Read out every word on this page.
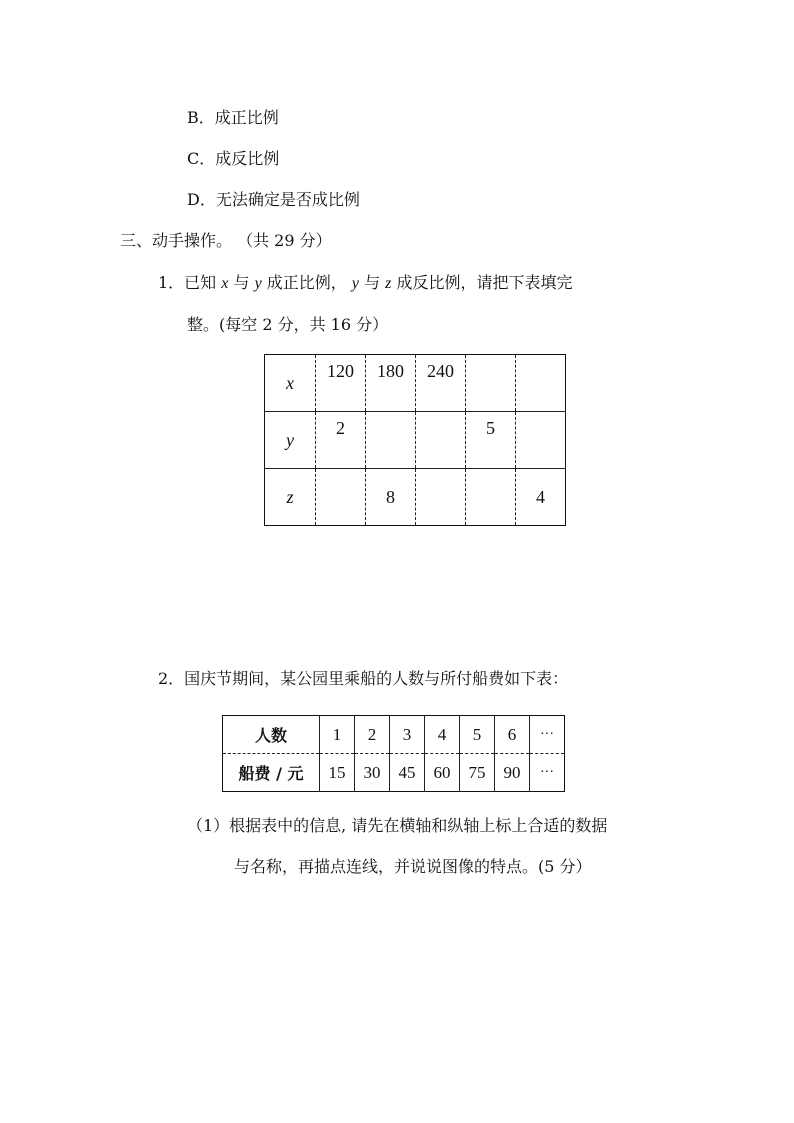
B．成正比例
C．成反比例
D．无法确定是否成比例
三、动手操作。 （共 29 分）
1．已知 x 与 y 成正比例， y 与 z 成反比例，请把下表填完
整。(每空 2 分，共 16 分）
x	120	180	240		
y	2			5	
z		8			4
2．国庆节期间，某公园里乘船的人数与所付船费如下表：
人数	1	2	3	4	5	6	···
船费 / 元	15	30	45	60	75	90	···
（1）根据表中的信息, 请先在横轴和纵轴上标上合适的数据
与名称，再描点连线，并说说图像的特点。(5 分）
